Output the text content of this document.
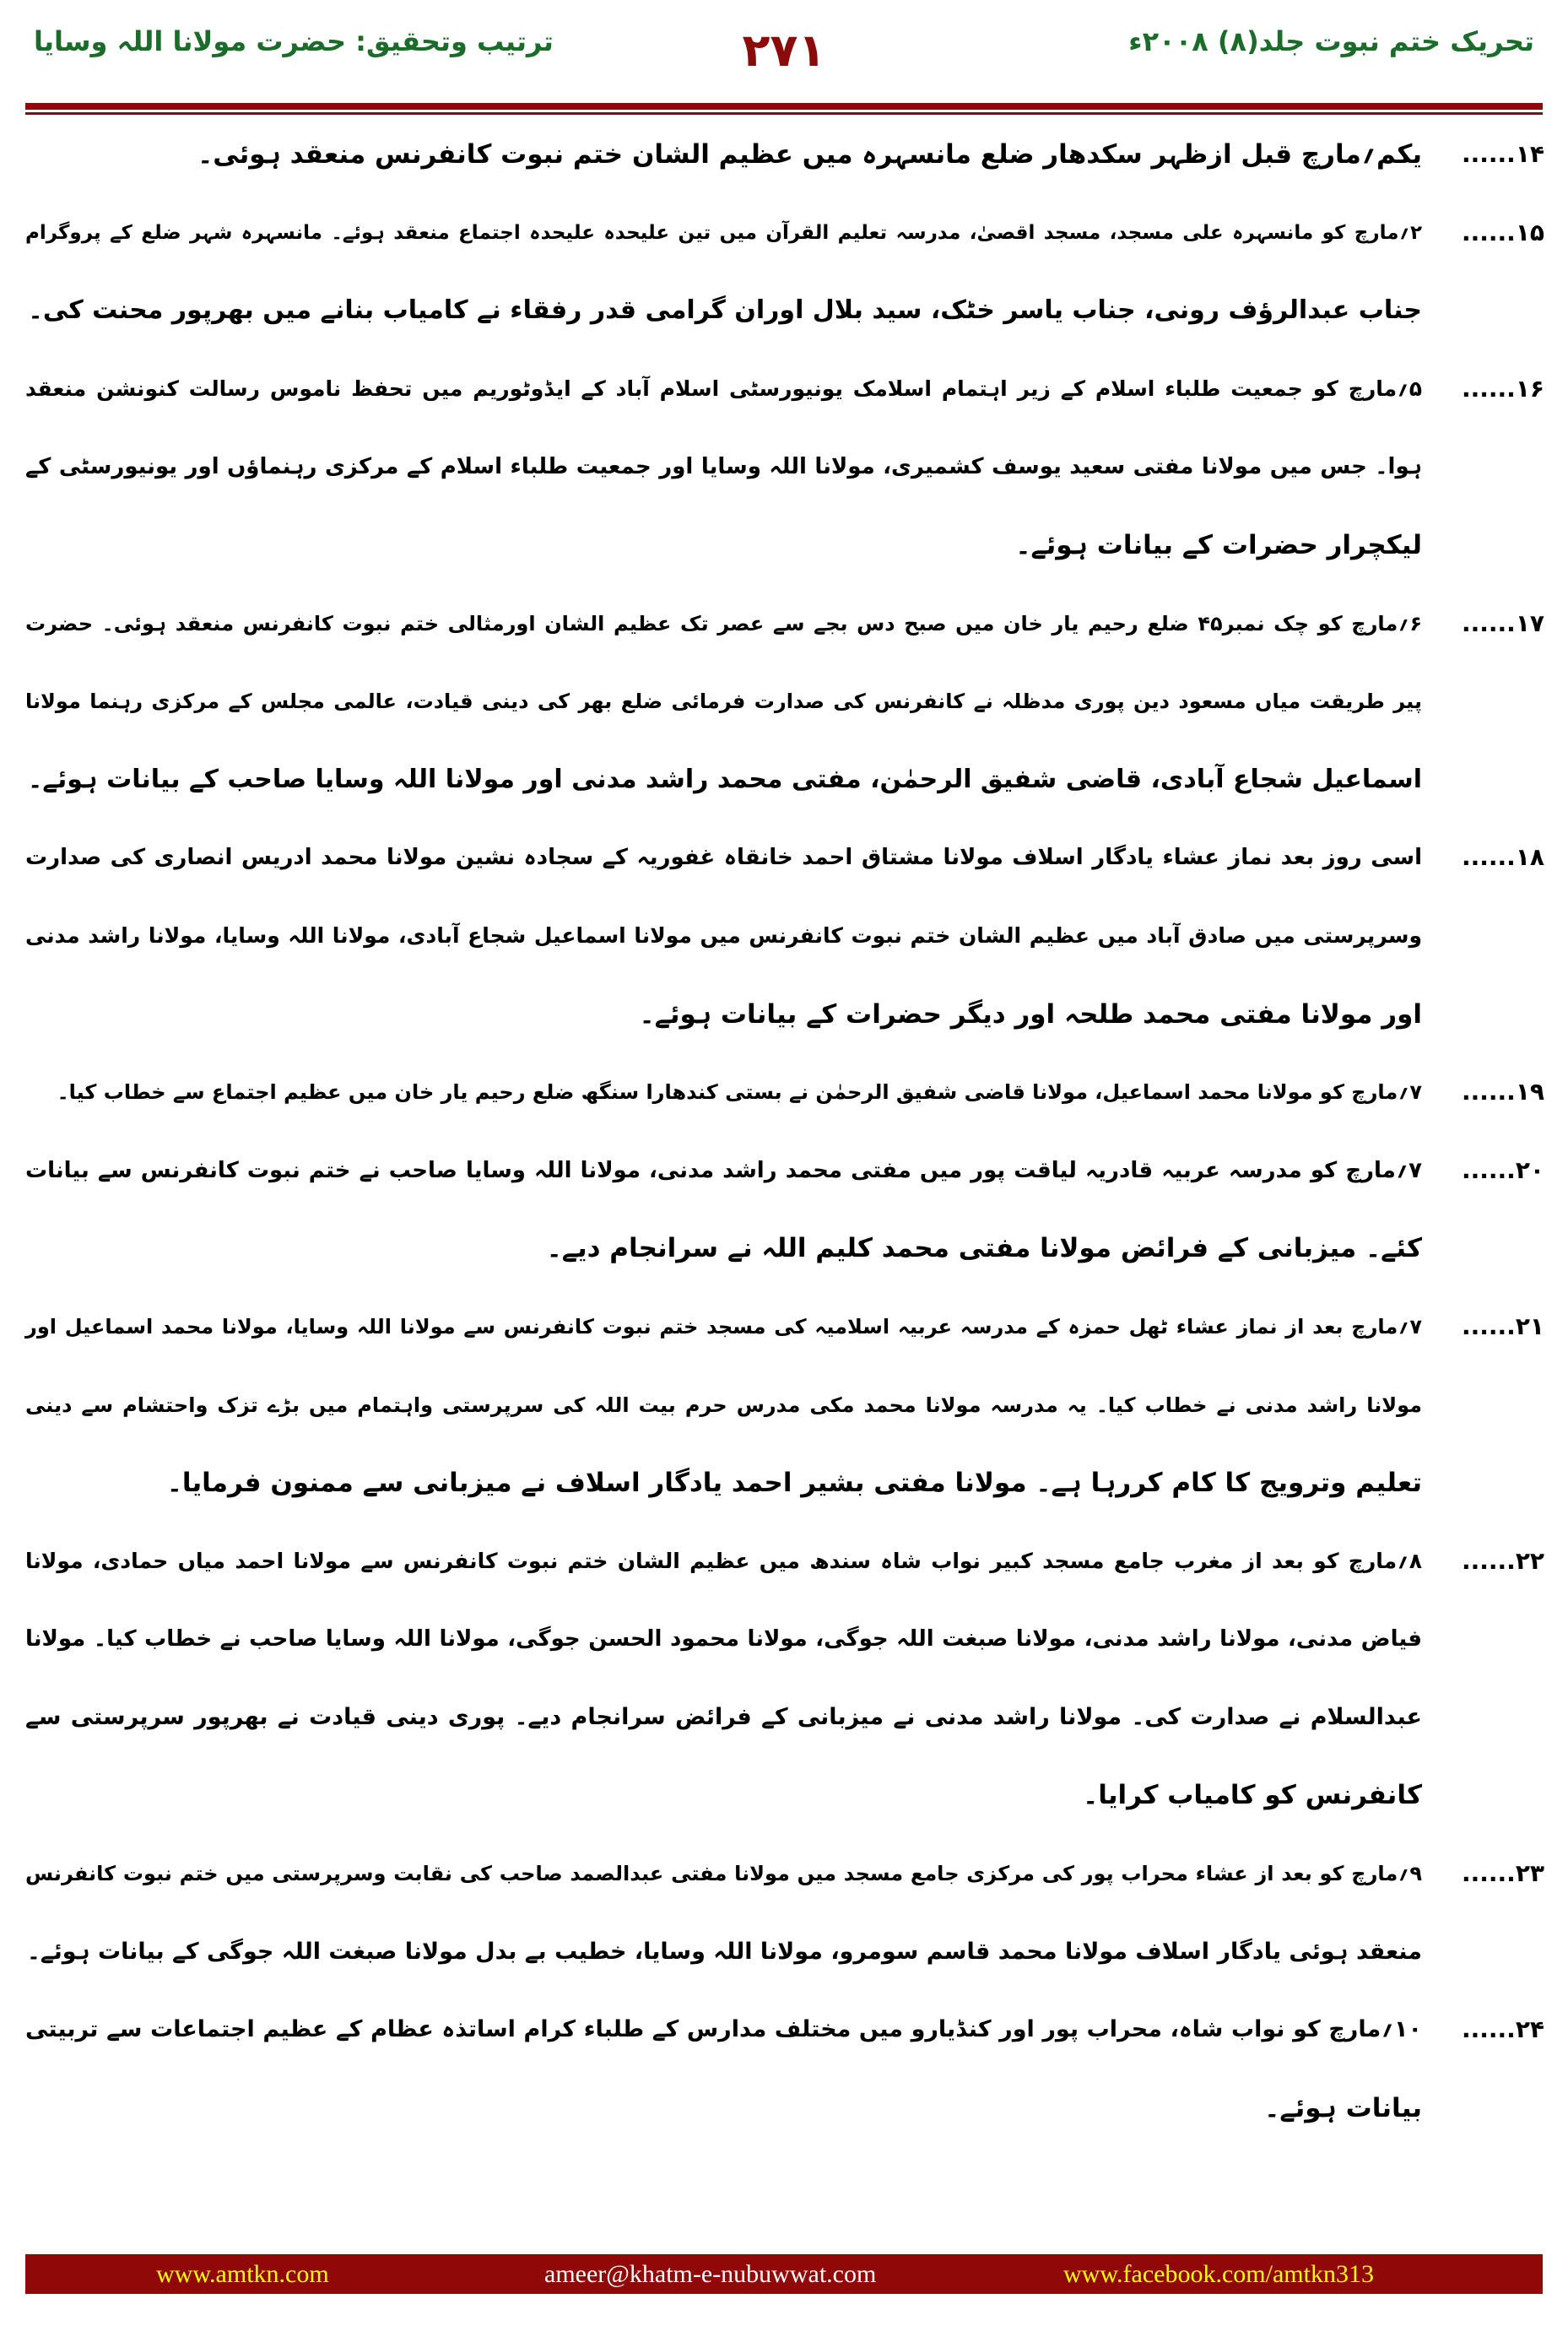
تحریک ختم نبوت جلد(۸) ۲۰۰۸ء
۲۷۱
ترتیب وتحقیق: حضرت مولانا اللہ وسایا
۱۴......
یکم؍مارچ قبل ازظہر سکدھار ضلع مانسہرہ میں عظیم الشان ختم نبوت کانفرنس منعقد ہوئی۔
۱۵......
۲؍مارچ کو مانسہرہ علی مسجد، مسجد اقصیٰ، مدرسہ تعلیم القرآن میں تین علیحدہ علیحدہ اجتماع منعقد ہوئے۔ مانسہرہ شہر ضلع کے پروگرام
جناب عبدالرؤف رونی، جناب یاسر خٹک، سید بلال اوران گرامی قدر رفقاء نے کامیاب بنانے میں بھرپور محنت کی۔
۱۶......
۵؍مارچ کو جمعیت طلباء اسلام کے زیر اہتمام اسلامک یونیورسٹی اسلام آباد کے ایڈوٹوریم میں تحفظ ناموس رسالت کنونشن منعقد
ہوا۔ جس میں مولانا مفتی سعید یوسف کشمیری، مولانا اللہ وسایا اور جمعیت طلباء اسلام کے مرکزی رہنماؤں اور یونیورسٹی کے
لیکچرار حضرات کے بیانات ہوئے۔
۱۷......
۶؍مارچ کو چک نمبر۴۵ ضلع رحیم یار خان میں صبح دس بجے سے عصر تک عظیم الشان اورمثالی ختم نبوت کانفرنس منعقد ہوئی۔ حضرت
پیر طریقت میاں مسعود دین پوری مدظلہ نے کانفرنس کی صدارت فرمائی ضلع بھر کی دینی قیادت، عالمی مجلس کے مرکزی رہنما مولانا
اسماعیل شجاع آبادی، قاضی شفیق الرحمٰن، مفتی محمد راشد مدنی اور مولانا اللہ وسایا صاحب کے بیانات ہوئے۔
۱۸......
اسی روز بعد نماز عشاء یادگار اسلاف مولانا مشتاق احمد خانقاہ غفوریہ کے سجادہ نشین مولانا محمد ادریس انصاری کی صدارت
وسرپرستی میں صادق آباد میں عظیم الشان ختم نبوت کانفرنس میں مولانا اسماعیل شجاع آبادی، مولانا اللہ وسایا، مولانا راشد مدنی
اور مولانا مفتی محمد طلحہ اور دیگر حضرات کے بیانات ہوئے۔
۱۹......
۷؍مارچ کو مولانا محمد اسماعیل، مولانا قاضی شفیق الرحمٰن نے بستی کندھارا سنگھ ضلع رحیم یار خان میں عظیم اجتماع سے خطاب کیا۔
۲۰......
۷؍مارچ کو مدرسہ عربیہ قادریہ لیاقت پور میں مفتی محمد راشد مدنی، مولانا اللہ وسایا صاحب نے ختم نبوت کانفرنس سے بیانات
کئے۔ میزبانی کے فرائض مولانا مفتی محمد کلیم اللہ نے سرانجام دیے۔
۲۱......
۷؍مارچ بعد از نماز عشاء ٹھل حمزہ کے مدرسہ عربیہ اسلامیہ کی مسجد ختم نبوت کانفرنس سے مولانا اللہ وسایا، مولانا محمد اسماعیل اور
مولانا راشد مدنی نے خطاب کیا۔ یہ مدرسہ مولانا محمد مکی مدرس حرم بیت اللہ کی سرپرستی واہتمام میں بڑے تزک واحتشام سے دینی
تعلیم وترویج کا کام کررہا ہے۔ مولانا مفتی بشیر احمد یادگار اسلاف نے میزبانی سے ممنون فرمایا۔
۲۲......
۸؍مارچ کو بعد از مغرب جامع مسجد کبیر نواب شاہ سندھ میں عظیم الشان ختم نبوت کانفرنس سے مولانا احمد میاں حمادی، مولانا
فیاض مدنی، مولانا راشد مدنی، مولانا صبغت اللہ جوگی، مولانا محمود الحسن جوگی، مولانا اللہ وسایا صاحب نے خطاب کیا۔ مولانا
عبدالسلام نے صدارت کی۔ مولانا راشد مدنی نے میزبانی کے فرائض سرانجام دیے۔ پوری دینی قیادت نے بھرپور سرپرستی سے
کانفرنس کو کامیاب کرایا۔
۲۳......
۹؍مارچ کو بعد از عشاء محراب پور کی مرکزی جامع مسجد میں مولانا مفتی عبدالصمد صاحب کی نقابت وسرپرستی میں ختم نبوت کانفرنس
منعقد ہوئی یادگار اسلاف مولانا محمد قاسم سومرو، مولانا اللہ وسایا، خطیب بے بدل مولانا صبغت اللہ جوگی کے بیانات ہوئے۔
۲۴......
۱۰؍مارچ کو نواب شاہ، محراب پور اور کنڈیارو میں مختلف مدارس کے طلباء کرام اساتذہ عظام کے عظیم اجتماعات سے تربیتی
بیانات ہوئے۔
www.amtkn.com	ameer@khatm-e-nubuwwat.com	www.facebook.com/amtkn313
